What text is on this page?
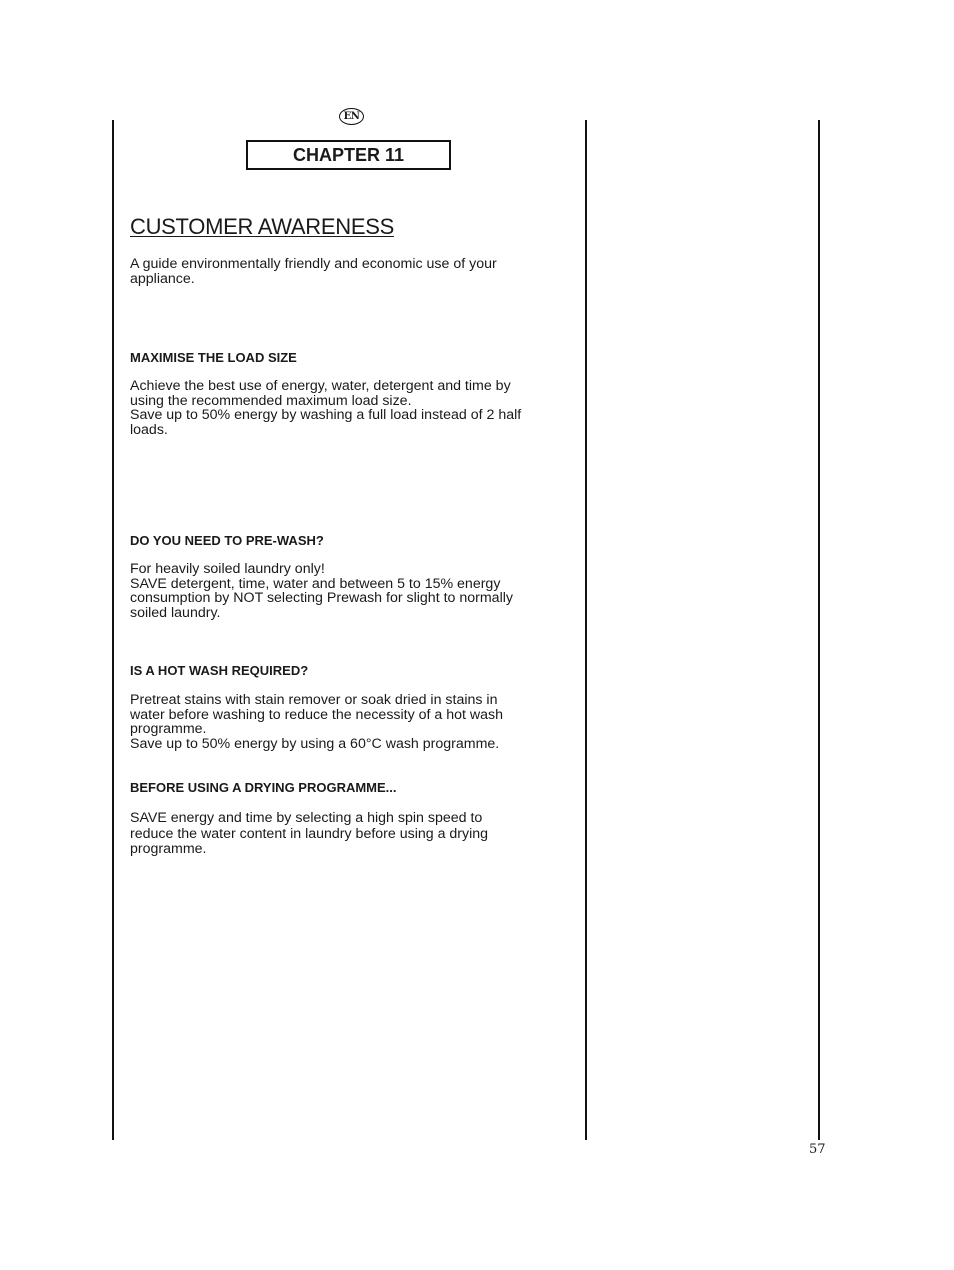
EN
CHAPTER 11
CUSTOMER AWARENESS

A guide environmentally friendly and economic use of your
appliance.

MAXIMISE THE LOAD SIZE

Achieve the best use of energy, water, detergent and time by
using the recommended maximum load size.
Save up to 50% energy by washing a full load instead of 2 half
loads.

DO YOU NEED TO PRE-WASH?

For heavily soiled laundry only!
SAVE detergent, time, water and between 5 to 15% energy
consumption by NOT selecting Prewash for slight to normally
soiled laundry.

IS A HOT WASH REQUIRED?

Pretreat stains with stain remover or soak dried in stains in
water before washing to reduce the necessity of a hot wash
programme.
Save up to 50% energy by using a 60°C wash programme.

BEFORE USING A DRYING PROGRAMME...

SAVE energy and time by selecting a high spin speed to
reduce the water content in laundry before using a drying
programme.

57
